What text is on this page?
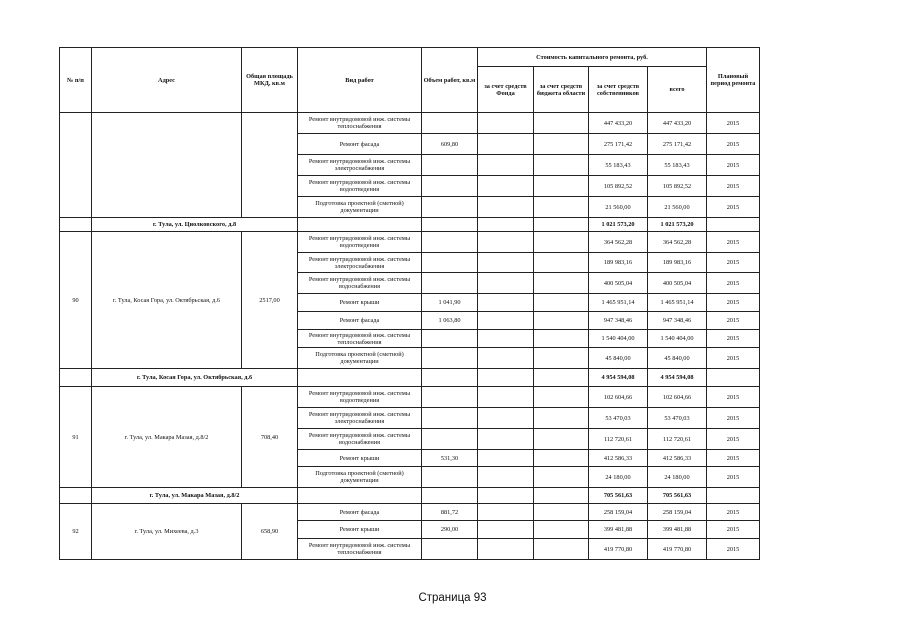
№ п/п	Адрес	Общая площадь МКД, кв.м	Вид работ	Объем работ, кв.м	Стоимость капитального ремонта, руб.				Плановый период ремонта
					за счет средств Фонда	за счет средств бюджета области	за счет средств собственников	всего	
			Ремонт внутридомовой инж. системы теплоснабжения				447 433,20	447 433,20	2015
			Ремонт фасада	609,80			275 171,42	275 171,42	2015
			Ремонт внутридомовой инж. системы электроснабжения				55 183,43	55 183,43	2015
			Ремонт внутридомовой инж. системы водоотведения				105 892,52	105 892,52	2015
			Подготовка проектной (сметной) документации				21 560,00	21 560,00	2015
	г. Тула, ул. Циолковского, д.8						1 021 573,20	1 021 573,20	
90	г. Тула, Косая Гора, ул. Октябрьская, д.6	2517,00	Ремонт внутридомовой инж. системы водоотведения				364 562,28	364 562,28	2015
			Ремонт внутридомовой инж. системы электроснабжения				189 983,16	189 983,16	2015
			Ремонт внутридомовой инж. системы водоснабжения				400 505,04	400 505,04	2015
			Ремонт крыши	1 041,90			1 465 951,14	1 465 951,14	2015
			Ремонт фасада	1 063,80			947 348,46	947 348,46	2015
			Ремонт внутридомовой инж. системы теплоснабжения				1 540 404,00	1 540 404,00	2015
			Подготовка проектной (сметной) документации				45 840,00	45 840,00	2015
	г. Тула, Косая Гора, ул. Октябрьская, д.6						4 954 594,08	4 954 594,08	
91	г. Тула, ул. Макара Мазая, д.8/2	708,40	Ремонт внутридомовой инж. системы водоотведения				102 604,66	102 604,66	2015
			Ремонт внутридомовой инж. системы электроснабжения				53 470,03	53 470,03	2015
			Ремонт внутридомовой инж. системы водоснабжения				112 720,61	112 720,61	2015
			Ремонт крыши	531,30			412 586,33	412 586,33	2015
			Подготовка проектной (сметной) документации				24 180,00	24 180,00	2015
	г. Тула, ул. Макара Мазая, д.8/2						705 561,63	705 561,63	
92	г. Тула, ул. Михеева, д.3	658,90	Ремонт фасада	881,72			258 159,04	258 159,04	2015
			Ремонт крыши	290,00			399 481,88	399 481,88	2015
			Ремонт внутридомовой инж. системы теплоснабжения				419 770,80	419 770,80	2015
Страница 93
